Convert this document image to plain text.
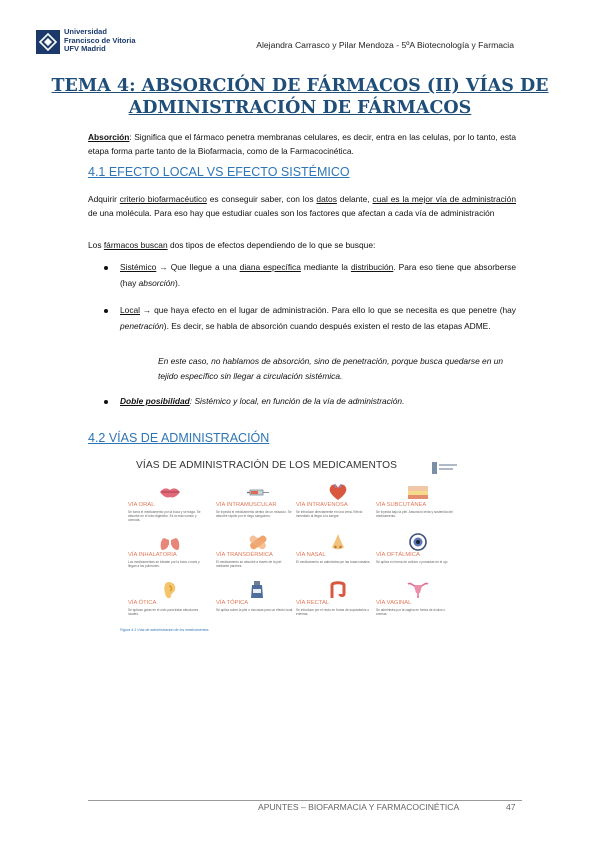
Universidad
Francisco de Vitoria
UFV Madrid	Alejandra Carrasco y Pilar Mendoza - 5ºA Biotecnología y Farmacia
TEMA 4: ABSORCIÓN DE FÁRMACOS (II) VÍAS DE
ADMINISTRACIÓN DE FÁRMACOS
Absorción: Significa que el fármaco penetra membranas celulares, es decir, entra en las celulas, por lo tanto, esta etapa forma parte tanto de la Biofarmacia, como de la Farmacocinética.
4.1 EFECTO LOCAL VS EFECTO SISTÉMICO
Adquirir criterio biofarmacéutico es conseguir saber, con los datos delante, cual es la mejor vía de administración de una molécula. Para eso hay que estudiar cuales son los factores que afectan a cada vía de administración
Los fármacos buscan dos tipos de efectos dependiendo de lo que se busque:
Sistémico → Que llegue a una diana específica mediante la distribución. Para eso tiene que absorberse (hay absorción).
Local → que haya efecto en el lugar de administración. Para ello lo que se necesita es que penetre (hay penetración). Es decir, se habla de absorción cuando después existen el resto de las etapas ADME.
En este caso, no hablamos de absorción, sino de penetración, porque busca quedarse en un tejido específico sin llegar a circulación sistémica.
Doble posibilidad: Sistémico y local, en función de la vía de administración.
4.2 VÍAS DE ADMINISTRACIÓN
VÍAS DE ADMINISTRACIÓN DE LOS MEDICAMENTOS
VÍA ORAL
Se toma el medicamento por la boca y se traga. Se absorbe en el tubo digestivo. Es la más común y cómoda.
VÍA INTRAMUSCULAR
Se inyecta el medicamento dentro de un músculo. Se absorbe rápido por el riego sanguíneo.
VÍA INTRAVENOSA
Se introduce directamente en una vena. Efecto inmediato al llegar a la sangre.
VÍA SUBCUTÁNEA
Se inyecta bajo la piel. Absorción lenta y sostenida del medicamento.
VÍA INHALATORIA
Los medicamentos se inhalan por la boca o nariz y llegan a los pulmones.
VÍA TRANSDÉRMICA
El medicamento se absorbe a través de la piel mediante parches.
VÍA NASAL
El medicamento se administra por las fosas nasales.
VÍA OFTÁLMICA
Se aplica en forma de colirios o pomadas en el ojo.
VÍA ÓTICA
Se aplican gotas en el oído para tratar afecciones locales.
VÍA TÓPICA
Se aplica sobre la piel o mucosas para un efecto local.
VÍA RECTAL
Se introduce por el recto en forma de supositorios o enemas.
VÍA VAGINAL
Se administra por la vagina en forma de óvulos o cremas.
Figura 4.1 Vías de administración de los medicamentos
APUNTES – BIOFARMACIA Y FARMACOCINÉTICA	47
